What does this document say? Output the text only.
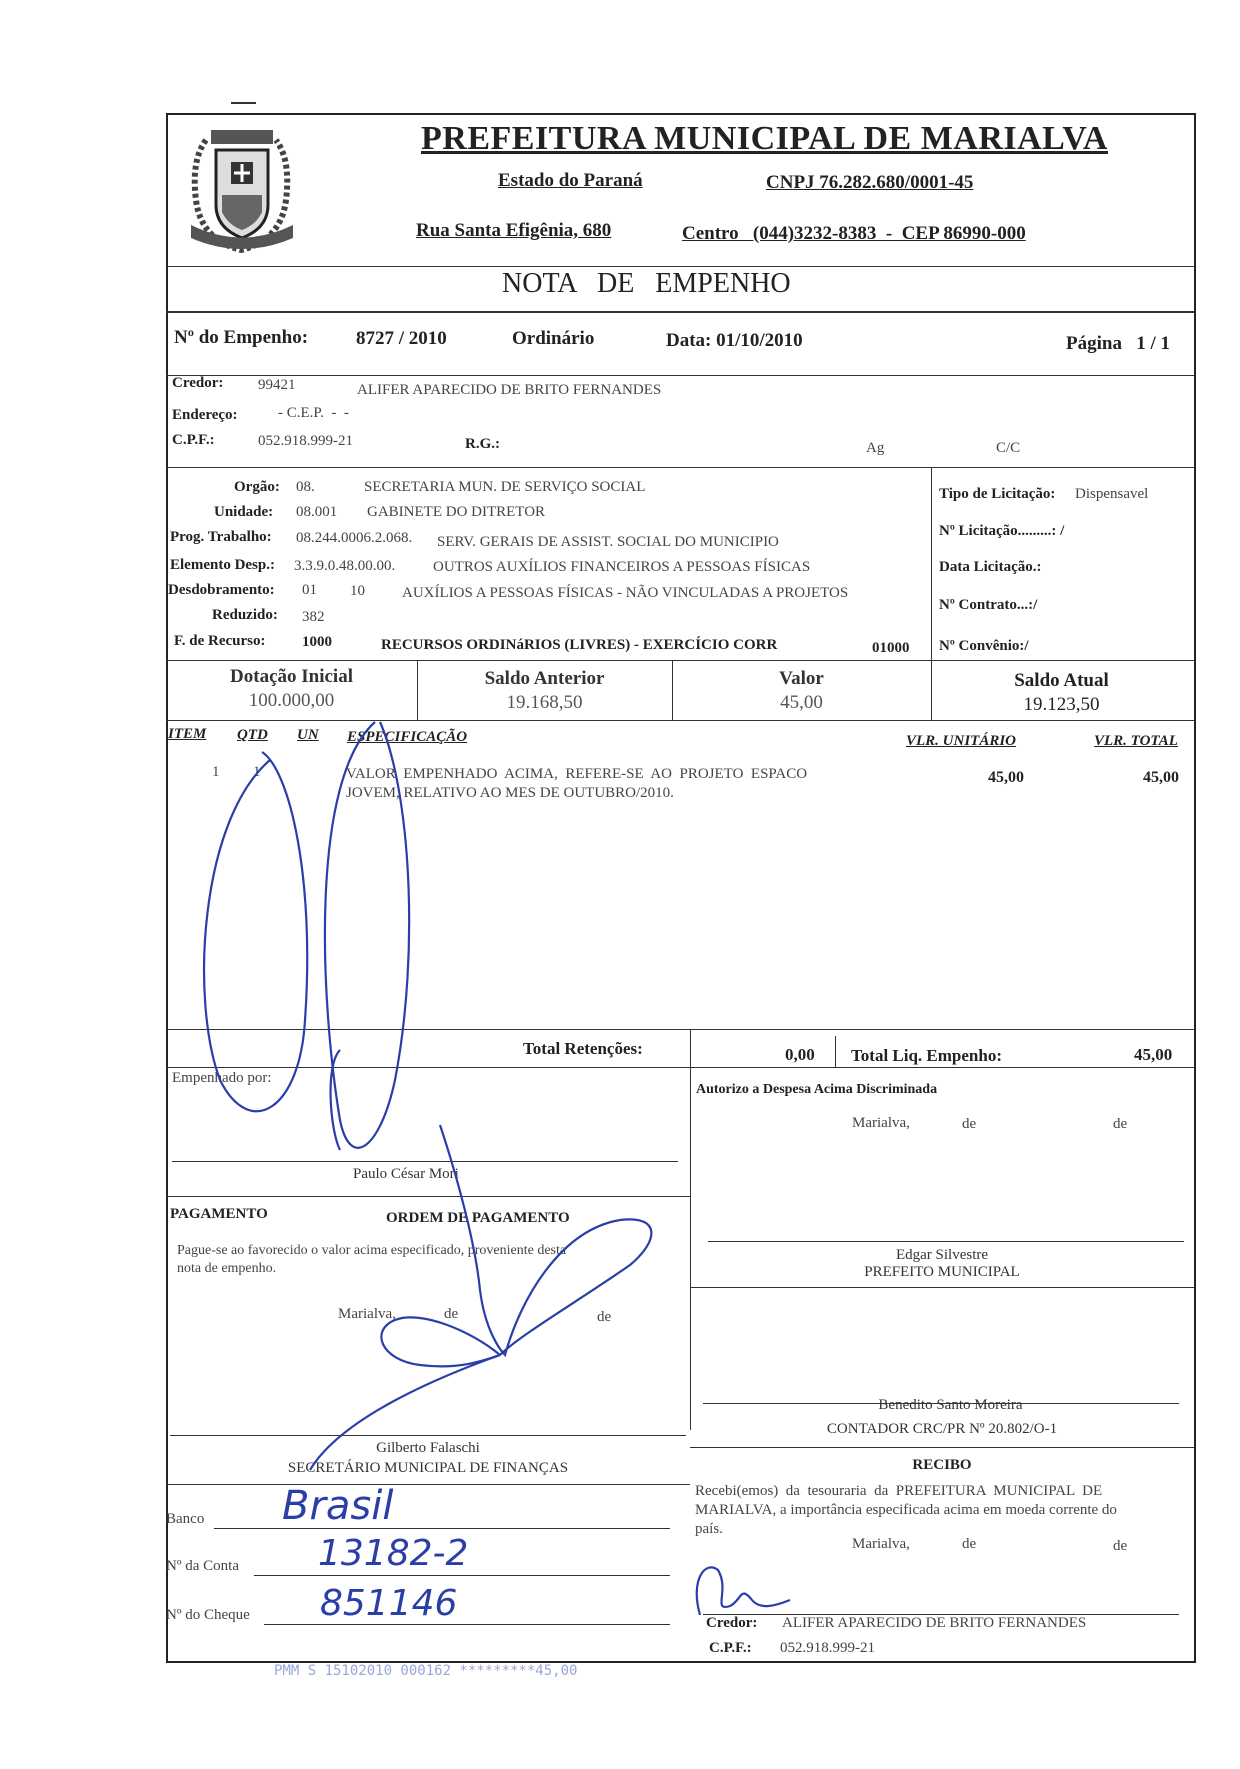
PREFEITURA MUNICIPAL DE MARIALVA
Estado do Paraná	CNPJ 76.282.680/0001-45
Rua Santa Efigênia, 680	Centro   (044)3232-8383  -  CEP 86990-000
NOTA   DE   EMPENHO
Nº do Empenho:	8727 / 2010	Ordinário	Data: 01/10/2010	Página   1 / 1
Credor: 99421	ALIFER APARECIDO DE BRITO FERNANDES
Endereço:	- C.E.P.  -  -
C.P.F.:	052.918.999-21	R.G.:	Ag	C/C
Orgão: 08.	SECRETARIA MUN. DE SERVIÇO SOCIAL
Unidade: 08.001 GABINETE DO DITRETOR
Prog. Trabalho: 08.244.0006.2.068. SERV. GERAIS DE ASSIST. SOCIAL DO MUNICIPIO
Elemento Desp.: 3.3.9.0.48.00.00.	OUTROS AUXÍLIOS FINANCEIROS A PESSOAS FÍSICAS
Desdobramento: 01 10 AUXÍLIOS A PESSOAS FÍSICAS - NÃO VINCULADAS A PROJETOS
Reduzido: 382
F. de Recurso: 1000	RECURSOS ORDINáRIOS (LIVRES) - EXERCÍCIO CORR	01000
Tipo de Licitação: Dispensavel
Nº Licitação.........: /
Data Licitação.:
Nº Contrato...:/
Nº Convênio:/
Dotação Inicial
100.000,00
Saldo Anterior
19.168,50
Valor
45,00
Saldo Atual
19.123,50
ITEM QTD UN ESPECIFICAÇÃO	VLR. UNITÁRIO	VLR. TOTAL
1 1	VALOR  EMPENHADO  ACIMA,  REFERE-SE  AO  PROJETO  ESPACO
JOVEM, RELATIVO AO MES DE OUTUBRO/2010.
45,00	45,00
Total Retenções:	0,00 Total Liq. Empenho:	45,00
Empenhado por:
Paulo César Mori
Autorizo a Despesa Acima Discriminada
Marialva,	de	de
Edgar Silvestre
PREFEITO MUNICIPAL
PAGAMENTO	ORDEM DE PAGAMENTO
Pague-se ao favorecido o valor acima especificado, proveniente desta
nota de empenho.
Marialva,	de	de
Gilberto Falaschi
SECRETÁRIO MUNICIPAL DE FINANÇAS
Benedito Santo Moreira
CONTADOR CRC/PR Nº 20.802/O-1
Banco Brasil
Nº da Conta 13182-2
Nº do Cheque 851146
RECIBO
Recebi(emos)  da  tesouraria  da  PREFEITURA  MUNICIPAL  DE
MARIALVA, a importância especificada acima em moeda corrente do
país.
Marialva,	de	de
Credor: ALIFER APARECIDO DE BRITO FERNANDES
C.P.F.: 052.918.999-21
PMM S 15102010 000162 *********45,00
